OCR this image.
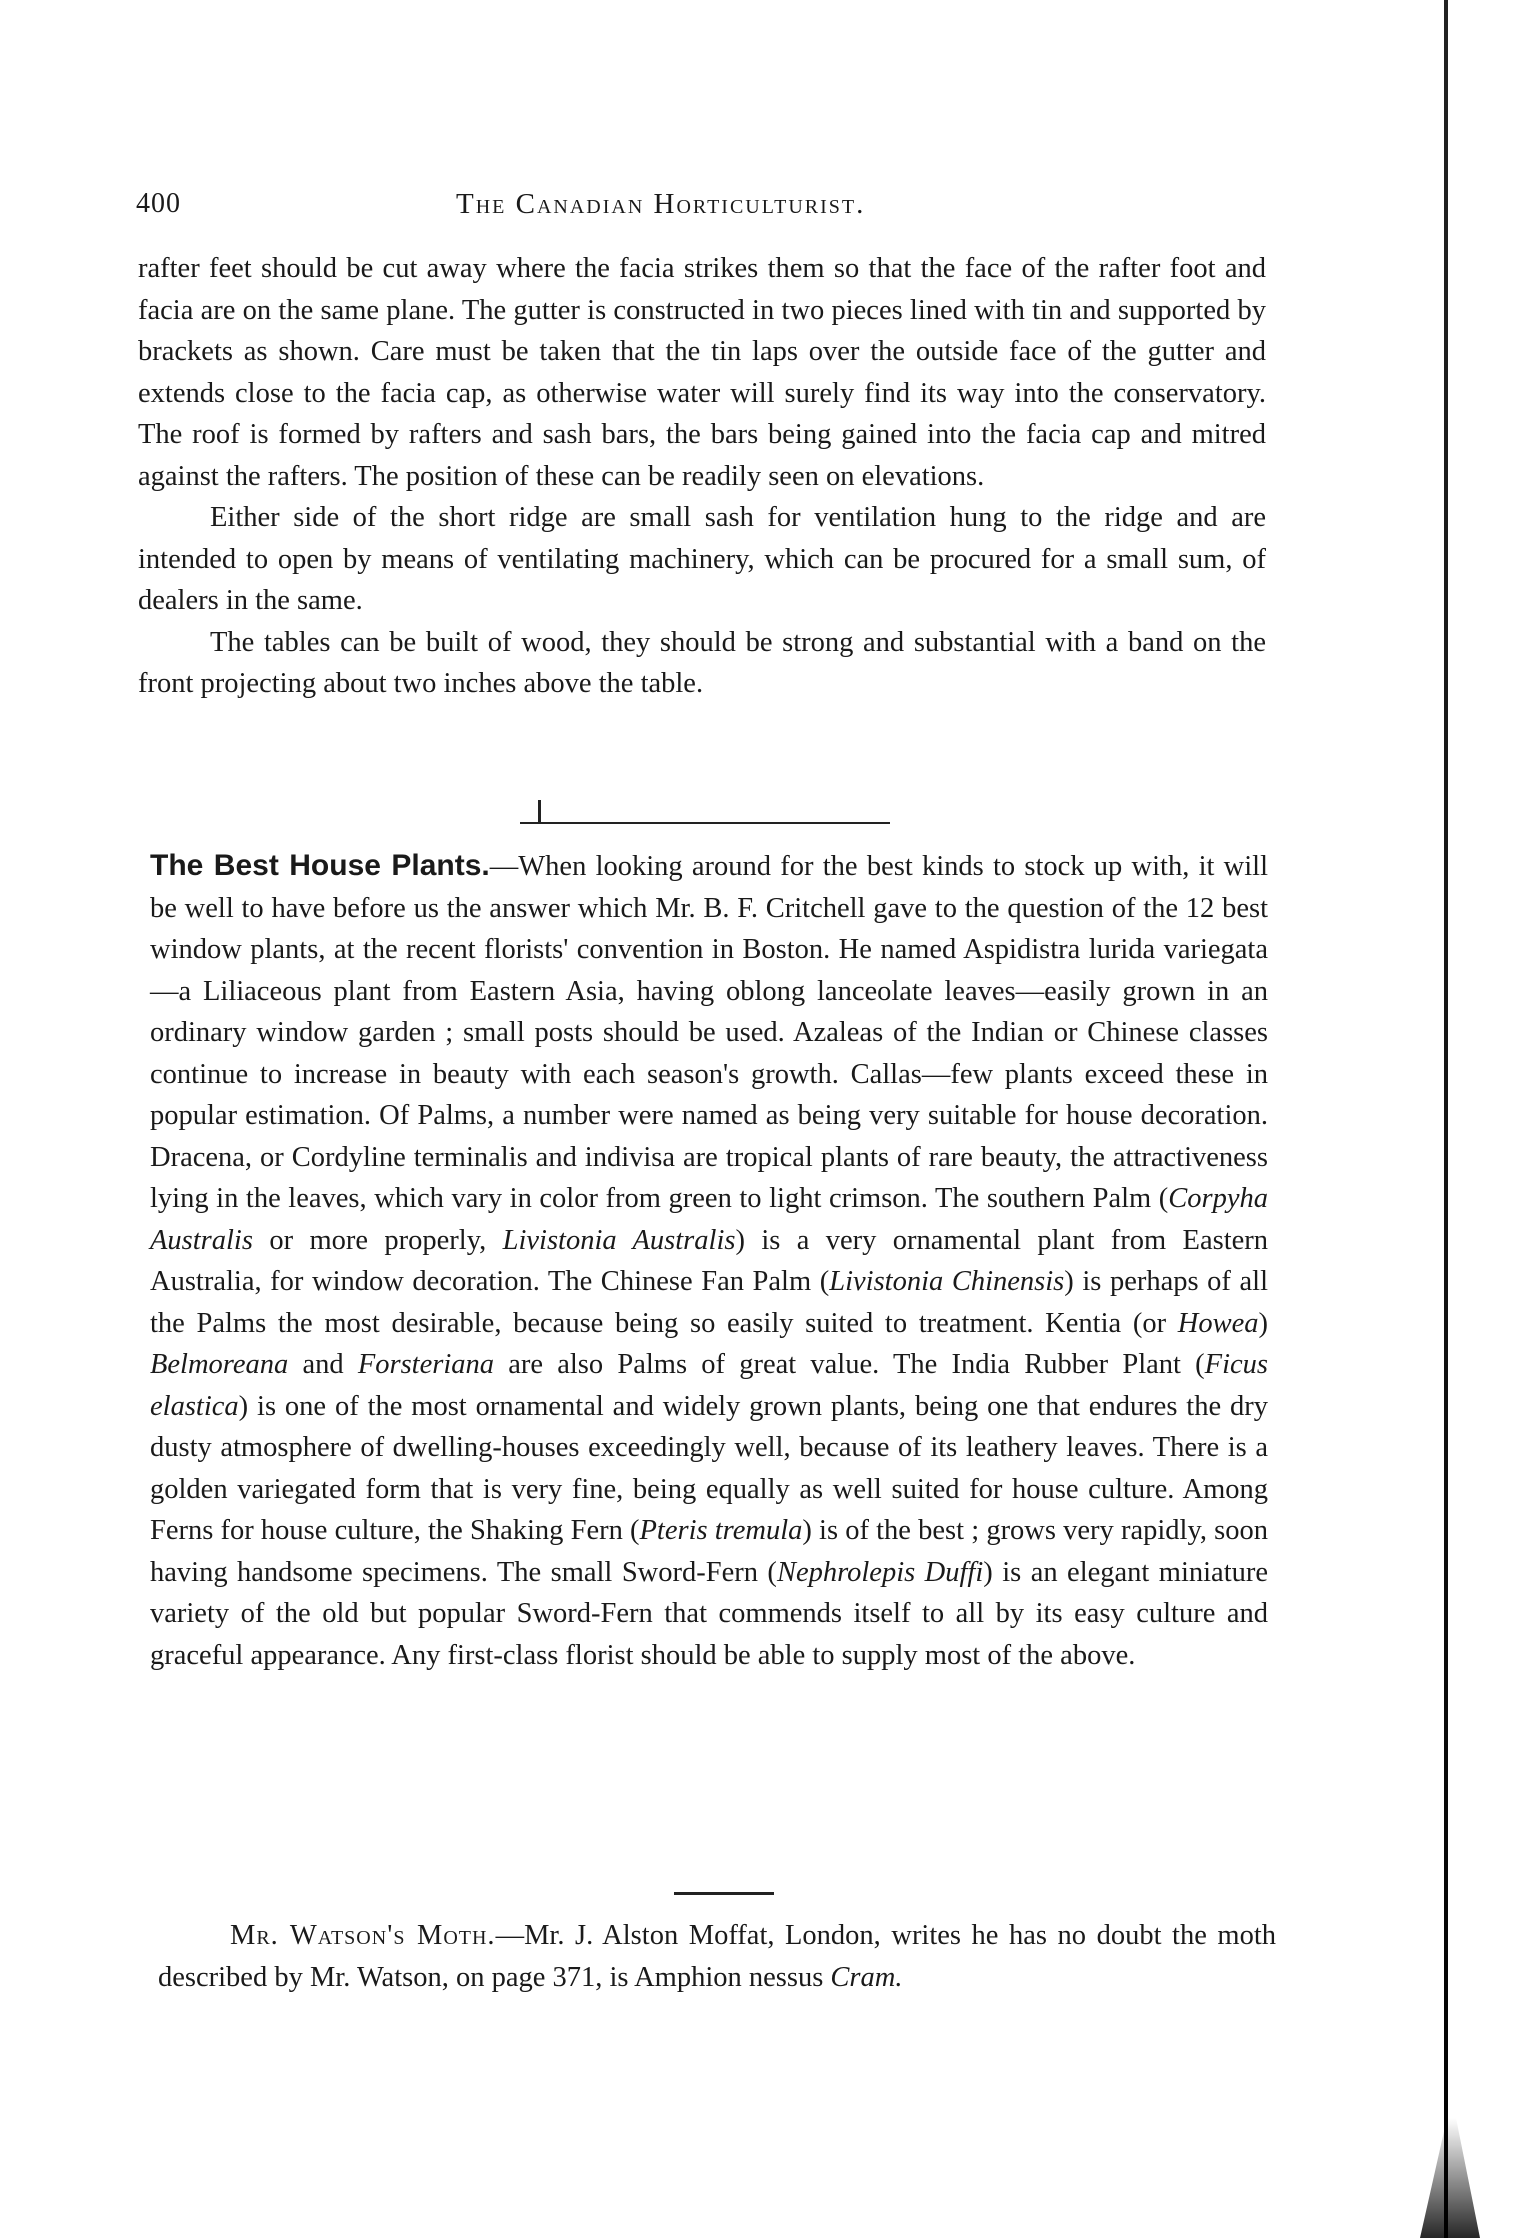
400	The Canadian Horticulturist.

rafter feet should be cut away where the facia strikes them so that the face of the rafter foot and facia are on the same plane. The gutter is constructed in two pieces lined with tin and supported by brackets as shown. Care must be taken that the tin laps over the outside face of the gutter and extends close to the facia cap, as otherwise water will surely find its way into the conservatory. The roof is formed by rafters and sash bars, the bars being gained into the facia cap and mitred against the rafters. The position of these can be readily seen on elevations.

Either side of the short ridge are small sash for ventilation hung to the ridge and are intended to open by means of ventilating machinery, which can be procured for a small sum, of dealers in the same.

The tables can be built of wood, they should be strong and substantial with a band on the front projecting about two inches above the table.

The Best House Plants.—When looking around for the best kinds to stock up with, it will be well to have before us the answer which Mr. B. F. Critchell gave to the question of the 12 best window plants, at the recent florists' convention in Boston. He named Aspidistra lurida variegata—a Liliaceous plant from Eastern Asia, having oblong lanceolate leaves—easily grown in an ordinary window garden ; small posts should be used. Azaleas of the Indian or Chinese classes continue to increase in beauty with each season's growth. Callas—few plants exceed these in popular estimation. Of Palms, a number were named as being very suitable for house decoration. Dracena, or Cordyline terminalis and indivisa are tropical plants of rare beauty, the attractiveness lying in the leaves, which vary in color from green to light crimson. The southern Palm (Corpyha Australis or more properly, Livistonia Australis) is a very ornamental plant from Eastern Australia, for window decoration. The Chinese Fan Palm (Livistonia Chinensis) is perhaps of all the Palms the most desirable, because being so easily suited to treatment. Kentia (or Howea) Belmoreana and Forsteriana are also Palms of great value. The India Rubber Plant (Ficus elastica) is one of the most ornamental and widely grown plants, being one that endures the dry dusty atmosphere of dwelling-houses exceedingly well, because of its leathery leaves. There is a golden variegated form that is very fine, being equally as well suited for house culture. Among Ferns for house culture, the Shaking Fern (Pteris tremula) is of the best ; grows very rapidly, soon having handsome specimens. The small Sword-Fern (Nephrolepis Duffi) is an elegant miniature variety of the old but popular Sword-Fern that commends itself to all by its easy culture and graceful appearance. Any first-class florist should be able to supply most of the above.

Mr. Watson's Moth.—Mr. J. Alston Moffat, London, writes he has no doubt the moth described by Mr. Watson, on page 371, is Amphion nessus Cram.
